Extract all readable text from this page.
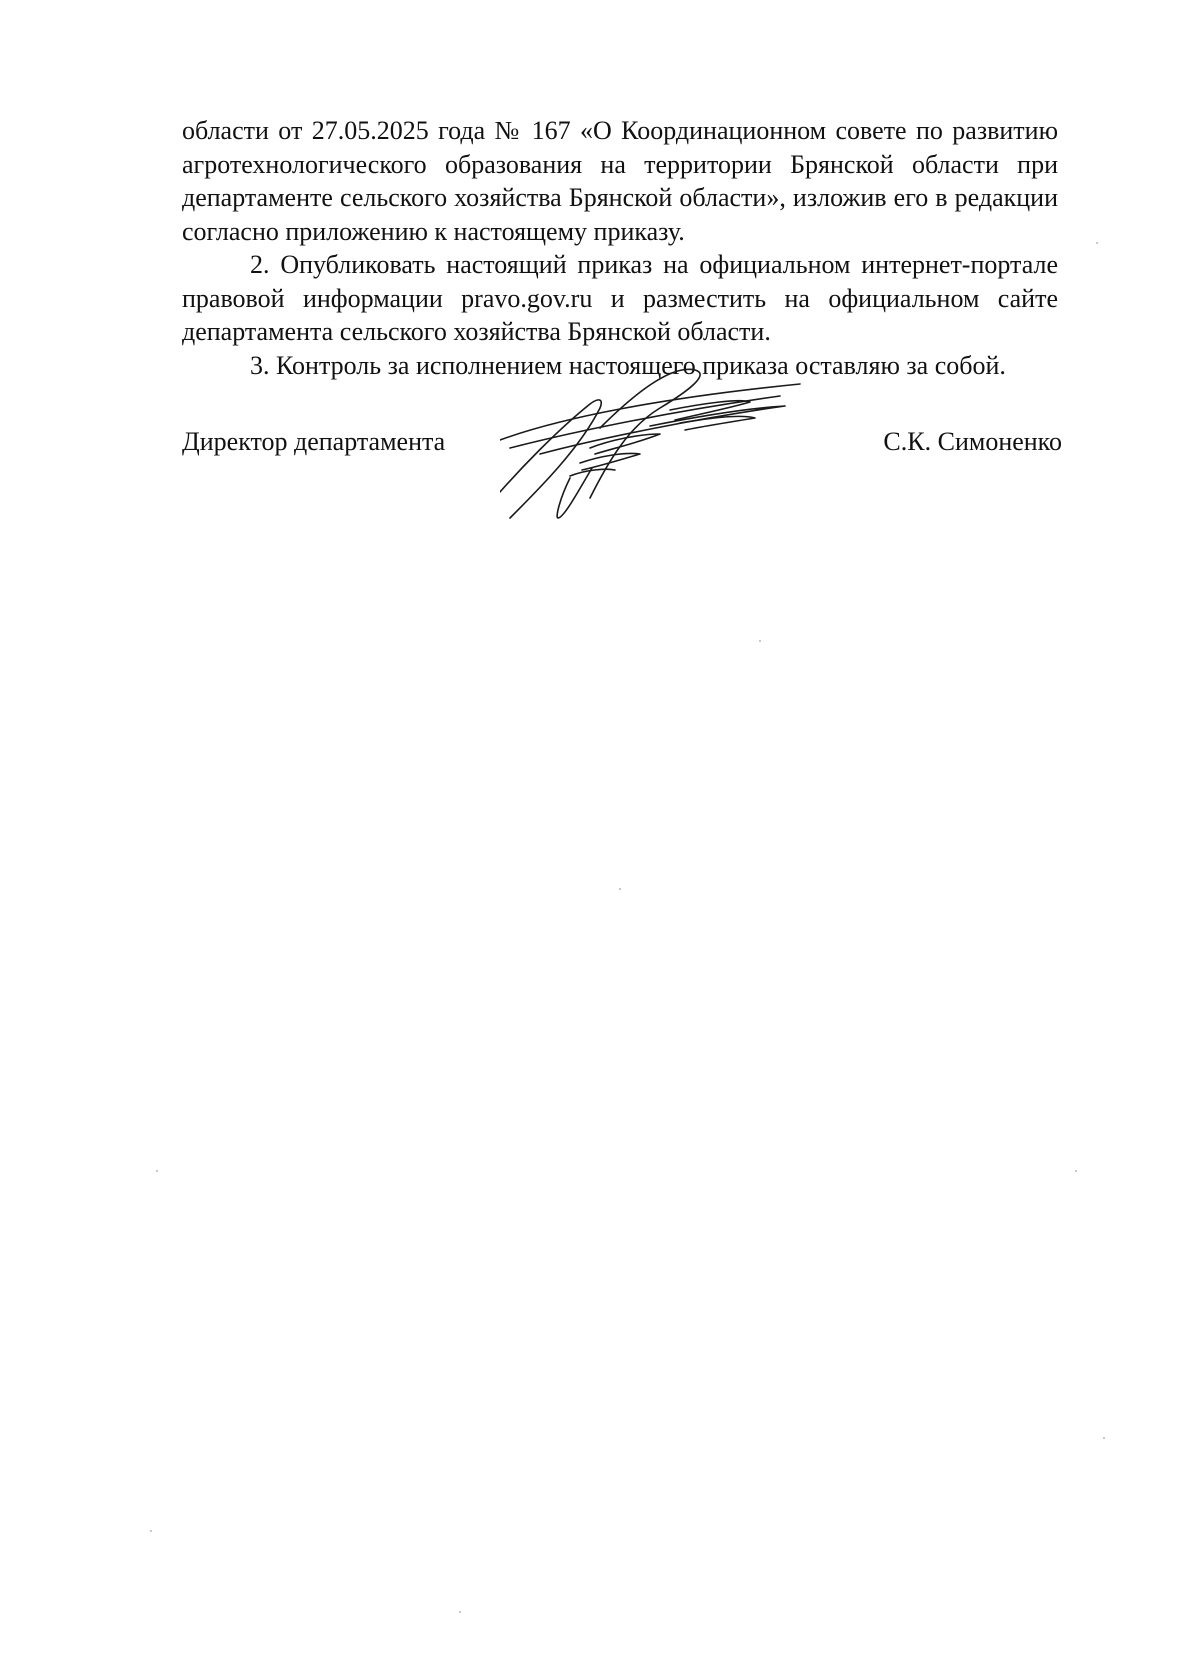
области от 27.05.2025 года № 167 «О Координационном совете по развитию агротехнологического образования на территории Брянской области при департаменте сельского хозяйства Брянской области», изложив его в редакции согласно приложению к настоящему приказу.

2. Опубликовать настоящий приказ на официальном интернет-портале правовой информации pravo.gov.ru и разместить на официальном сайте департамента сельского хозяйства Брянской области.

3. Контроль за исполнением настоящего приказа оставляю за собой.

Директор департамента	С.К. Симоненко
